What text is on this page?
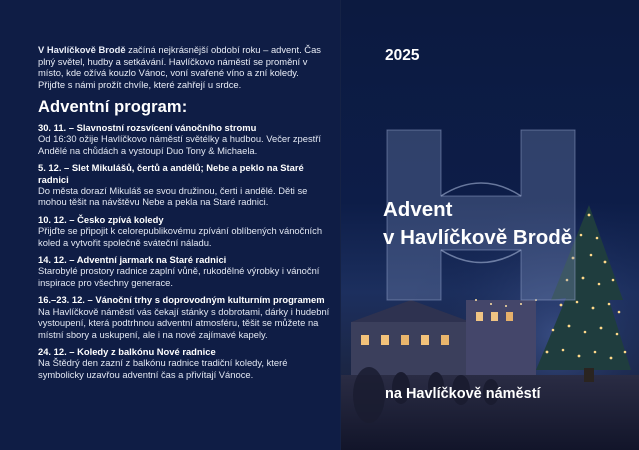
V Havlíčkově Brodě začíná nejkrásnější období roku – advent. Čas plný světel, hudby a setkávání. Havlíčkovo náměstí se promění v místo, kde ožívá kouzlo Vánoc, voní svařené víno a zní koledy. Přijďte s námi prožít chvíle, které zahřejí u srdce.
Adventní program:
30. 11. – Slavnostní rozsvícení vánočního stromu
Od 16:30 ožije Havlíčkovo náměstí světélky a hudbou. Večer zpestří Andělé na chůdách a vystoupí Duo Tony & Michaela.
5. 12. – Slet Mikulášů, čertů a andělů; Nebe a peklo na Staré radnici
Do města dorazí Mikuláš se svou družinou, čerti i andělé. Děti se mohou těšit na návštěvu Nebe a pekla na Staré radnici.
10. 12. – Česko zpívá koledy
Přijďte se připojit k celorepublikovému zpívání oblíbených vánočních koled a vytvořit společně sváteční náladu.
14. 12. – Adventní jarmark na Staré radnici
Starobylé prostory radnice zaplní vůně, rukodělné výrobky i vánoční inspirace pro všechny generace.
16.–23. 12. – Vánoční trhy s doprovodným kulturním programem
Na Havlíčkově náměstí vás čekají stánky s dobrotami, dárky i hudební vystoupení, která podtrhnou adventní atmosféru, těšit se můžete na místní sbory a uskupení, ale i na nové zajímavé kapely.
24. 12. – Koledy z balkónu Nové radnice
Na Štědrý den zazní z balkónu radnice tradiční koledy, které symbolicky uzavřou adventní čas a přivítají Vánoce.
2025
Advent
v Havlíčkově Brodě
na Havlíčkově náměstí
